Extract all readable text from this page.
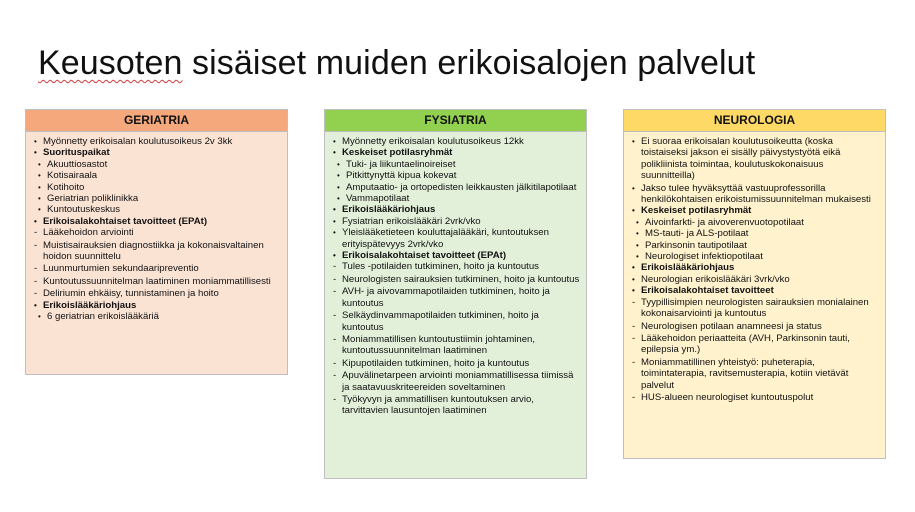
Keusoten sisäiset muiden erikoisalojen palvelut
GERIATRIA
• Myönnetty erikoisalan koulutusoikeus 2v 3kk
• Suorituspaikat
• Akuuttiosastot
• Kotisairaala
• Kotihoito
• Geriatrian poliklinikka
• Kuntoutuskeskus
• Erikoisalakohtaiset tavoitteet (EPAt)
- Lääkehoidon arviointi
- Muistisairauksien diagnostiikka ja kokonaisvaltainen hoidon suunnittelu
- Luunmurtumien sekundaaripreventio
- Kuntoutussuunnitelman laatiminen moniammatillisesti
- Deliriumin ehkäisy, tunnistaminen ja hoito
• Erikoislääkäriohjaus
• 6 geriatrian erikoislääkäriä
FYSIATRIA
• Myönnetty erikoisalan koulutusoikeus 12kk
• Keskeiset potilasryhmät
• Tuki- ja liikuntaelinoireiset
• Pitkittynyttä kipua kokevat
• Amputaatio- ja ortopedisten leikkausten jälkitilapotilaat
• Vammapotilaat
• Erikoislääkäriohjaus
• Fysiatrian erikoislääkäri 2vrk/vko
• Yleislääketieteen kouluttajalääkäri, kuntoutuksen erityispätevyys 2vrk/vko
• Erikoisalakohtaiset tavoitteet (EPAt)
- Tules -potilaiden tutkiminen, hoito ja kuntoutus
- Neurologisten sairauksien tutkiminen, hoito ja kuntoutus
- AVH- ja aivovammapotilaiden tutkiminen, hoito ja kuntoutus
- Selkäydinvammapotilaiden tutkiminen, hoito ja kuntoutus
- Moniammatillisen kuntoutustiimin johtaminen, kuntoutussuunnitelman laatiminen
- Kipupotilaiden tutkiminen, hoito ja kuntoutus
- Apuvälinetarpeen arviointi moniammatillisessa tiimissä ja saatavuuskriteereiden soveltaminen
- Työkyvyn ja ammatillisen kuntoutuksen arvio, tarvittavien lausuntojen laatiminen
NEUROLOGIA
• Ei suoraa erikoisalan koulutusoikeutta (koska toistaiseksi jakson ei sisälly päivystystyötä eikä polikliinista toimintaa, koulutuskokonaisuus suunnitteilla)
• Jakso tulee hyväksyttää vastuuprofessorilla henkilökohtaisen erikoistumissuunnitelman mukaisesti
• Keskeiset potilasryhmät
• Aivoinfarkti- ja aivoverenvuotopotilaat
• MS-tauti- ja ALS-potilaat
• Parkinsonin tautipotilaat
• Neurologiset infektiopotilaat
• Erikoislääkäriohjaus
• Neurologian erikoislääkäri 3vrk/vko
• Erikoisalakohtaiset tavoitteet
- Tyypillisimpien neurologisten sairauksien monialainen kokonaisarviointi ja kuntoutus
- Neurologisen potilaan anamneesi ja status
- Lääkehoidon periaatteita (AVH, Parkinsonin tauti, epilepsia ym.)
- Moniammatillinen yhteistyö: puheterapia, toimintaterapia, ravitsemusterapia, kotiin vietävät palvelut
- HUS-alueen neurologiset kuntoutuspolut
